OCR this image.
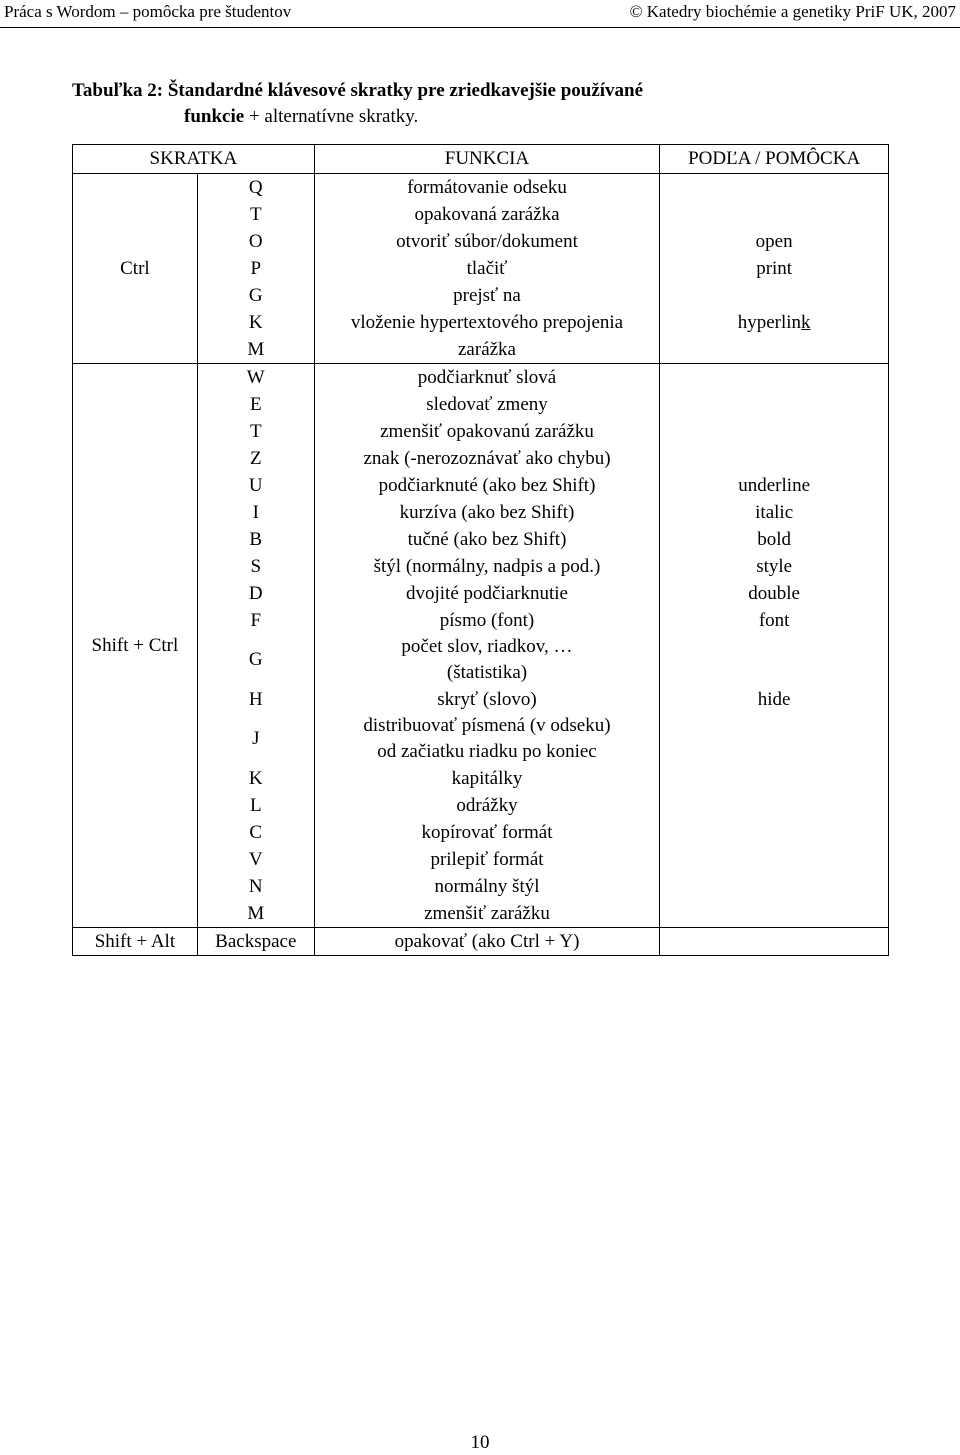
Práca s Wordom – pomôcka pre študentov	© Katedry biochémie a genetiky PriF UK, 2007
Tabuľka 2: Štandardné klávesové skratky pre zriedkavejšie používané
funkcie + alternatívne skratky.
SKRATKA		FUNKCIA	PODĽA / POMÔCKA
Ctrl	Q	formátovanie odseku	

	T	opakovaná zarážka	

	O	otvoriť súbor/dokument	open
	P	tlačiť	print
	G	prejsť na	

	K	vloženie hypertextového prepojenia	hyperlink
	M	zarážka	

Shift + Ctrl	W	podčiarknuť slová	

	E	sledovať zmeny	

	T	zmenšiť opakovanú zarážku	

	Z	znak (-nerozoznávať ako chybu)	

	U	podčiarknuté (ako bez Shift)	underline
	I	kurzíva (ako bez Shift)	italic
	B	tučné (ako bez Shift)	bold
	S	štýl (normálny, nadpis a pod.)	style
	D	dvojité podčiarknutie	double
	F	písmo (font)	font
	G	počet slov, riadkov, …
(štatistika)	

	H	skryť (slovo)	hide
	J	distribuovať písmená (v odseku)
od začiatku riadku po koniec	

	K	kapitálky	

	L	odrážky	

	C	kopírovať formát	

	V	prilepiť formát	

	N	normálny štýl	

	M	zmenšiť zarážku	

Shift + Alt	Backspace	opakovať (ako Ctrl + Y)	

10
